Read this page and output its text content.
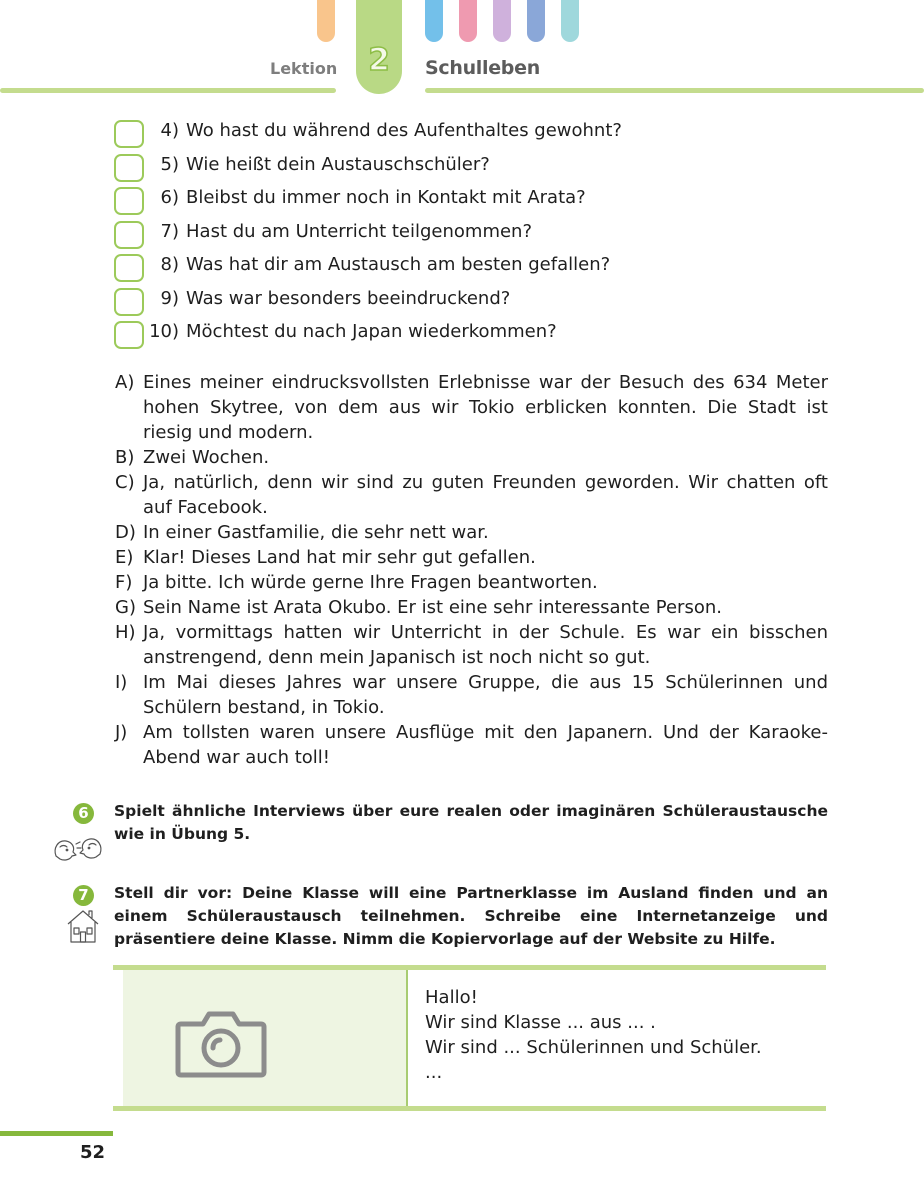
Lektion	2	Schulleben
4) Wo hast du während des Aufenthaltes gewohnt?
5) Wie heißt dein Austauschschüler?
6) Bleibst du immer noch in Kontakt mit Arata?
7) Hast du am Unterricht teilgenommen?
8) Was hat dir am Austausch am besten gefallen?
9) Was war besonders beeindruckend?
10) Möchtest du nach Japan wiederkommen?
A) Eines meiner eindrucksvollsten Erlebnisse war der Besuch des 634 Meter hohen Skytree, von dem aus wir Tokio erblicken konnten. Die Stadt ist riesig und modern.
B) Zwei Wochen.
C) Ja, natürlich, denn wir sind zu guten Freunden geworden. Wir chatten oft auf Facebook.
D) In einer Gastfamilie, die sehr nett war.
E) Klar! Dieses Land hat mir sehr gut gefallen.
F) Ja bitte. Ich würde gerne Ihre Fragen beantworten.
G) Sein Name ist Arata Okubo. Er ist eine sehr interessante Person.
H) Ja, vormittags hatten wir Unterricht in der Schule. Es war ein bisschen anstrengend, denn mein Japanisch ist noch nicht so gut.
I) Im Mai dieses Jahres war unsere Gruppe, die aus 15 Schülerinnen und Schülern bestand, in Tokio.
J) Am tollsten waren unsere Ausflüge mit den Japanern. Und der Karaoke-Abend war auch toll!
6	Spielt ähnliche Interviews über eure realen oder imaginären Schüleraustausche wie in Übung 5.

7	Stell dir vor: Deine Klasse will eine Partnerklasse im Ausland finden und an einem Schüleraustausch teilnehmen. Schreibe eine Internetanzeige und präsentiere deine Klasse. Nimm die Kopiervorlage auf der Website zu Hilfe.

Hallo!
Wir sind Klasse ... aus ... .
Wir sind ... Schülerinnen und Schüler.
...
52
